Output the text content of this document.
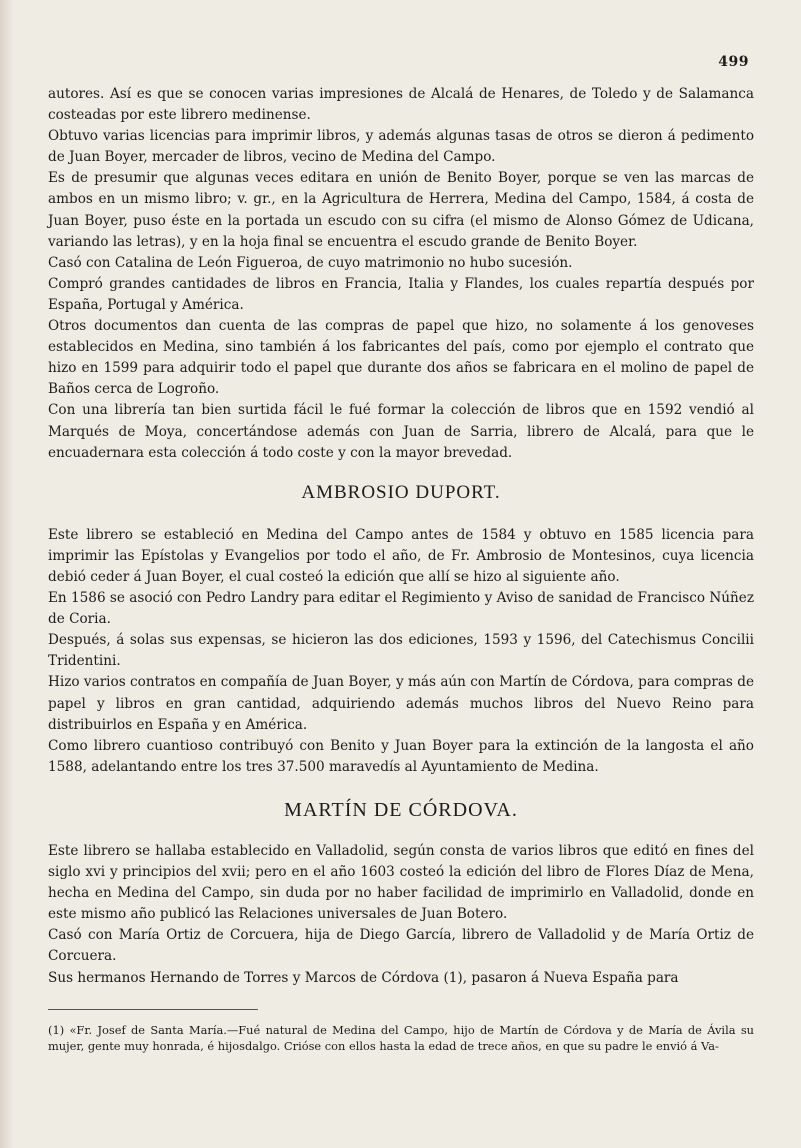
499

autores. Así es que se conocen varias impresiones de Alcalá de Henares, de Toledo y de Salamanca costeadas por este librero medinense.

Obtuvo varias licencias para imprimir libros, y además algunas tasas de otros se dieron á pedimento de Juan Boyer, mercader de libros, vecino de Medina del Campo.

Es de presumir que algunas veces editara en unión de Benito Boyer, porque se ven las marcas de ambos en un mismo libro; v. gr., en la Agricultura de Herrera, Medina del Campo, 1584, á costa de Juan Boyer, puso éste en la portada un escudo con su cifra (el mismo de Alonso Gómez de Udicana, variando las letras), y en la hoja final se encuentra el escudo grande de Benito Boyer.

Casó con Catalina de León Figueroa, de cuyo matrimonio no hubo sucesión.

Compró grandes cantidades de libros en Francia, Italia y Flandes, los cuales repartía después por España, Portugal y América.

Otros documentos dan cuenta de las compras de papel que hizo, no solamente á los genoveses establecidos en Medina, sino también á los fabricantes del país, como por ejemplo el contrato que hizo en 1599 para adquirir todo el papel que durante dos años se fabricara en el molino de papel de Baños cerca de Logroño.

Con una librería tan bien surtida fácil le fué formar la colección de libros que en 1592 vendió al Marqués de Moya, concertándose además con Juan de Sarria, librero de Alcalá, para que le encuadernara esta colección á todo coste y con la mayor brevedad.

AMBROSIO DUPORT.

Este librero se estableció en Medina del Campo antes de 1584 y obtuvo en 1585 licencia para imprimir las Epístolas y Evangelios por todo el año, de Fr. Ambrosio de Montesinos, cuya licencia debió ceder á Juan Boyer, el cual costeó la edición que allí se hizo al siguiente año.

En 1586 se asoció con Pedro Landry para editar el Regimiento y Aviso de sanidad de Francisco Núñez de Coria.

Después, á solas sus expensas, se hicieron las dos ediciones, 1593 y 1596, del Catechismus Concilii Tridentini.

Hizo varios contratos en compañía de Juan Boyer, y más aún con Martín de Córdova, para compras de papel y libros en gran cantidad, adquiriendo además muchos libros del Nuevo Reino para distribuirlos en España y en América.

Como librero cuantioso contribuyó con Benito y Juan Boyer para la extinción de la langosta el año 1588, adelantando entre los tres 37.500 maravedís al Ayuntamiento de Medina.

MARTÍN DE CÓRDOVA.

Este librero se hallaba establecido en Valladolid, según consta de varios libros que editó en fines del siglo xvi y principios del xvii; pero en el año 1603 costeó la edición del libro de Flores Díaz de Mena, hecha en Medina del Campo, sin duda por no haber facilidad de imprimirlo en Valladolid, donde en este mismo año publicó las Relaciones universales de Juan Botero.

Casó con María Ortiz de Corcuera, hija de Diego García, librero de Valladolid y de María Ortiz de Corcuera.

Sus hermanos Hernando de Torres y Marcos de Córdova (1), pasaron á Nueva España para

(1) «Fr. Josef de Santa María.—Fué natural de Medina del Campo, hijo de Martín de Córdova y de María de Ávila su mujer, gente muy honrada, é hijosdalgo. Crióse con ellos hasta la edad de trece años, en que su padre le envió á Va-
